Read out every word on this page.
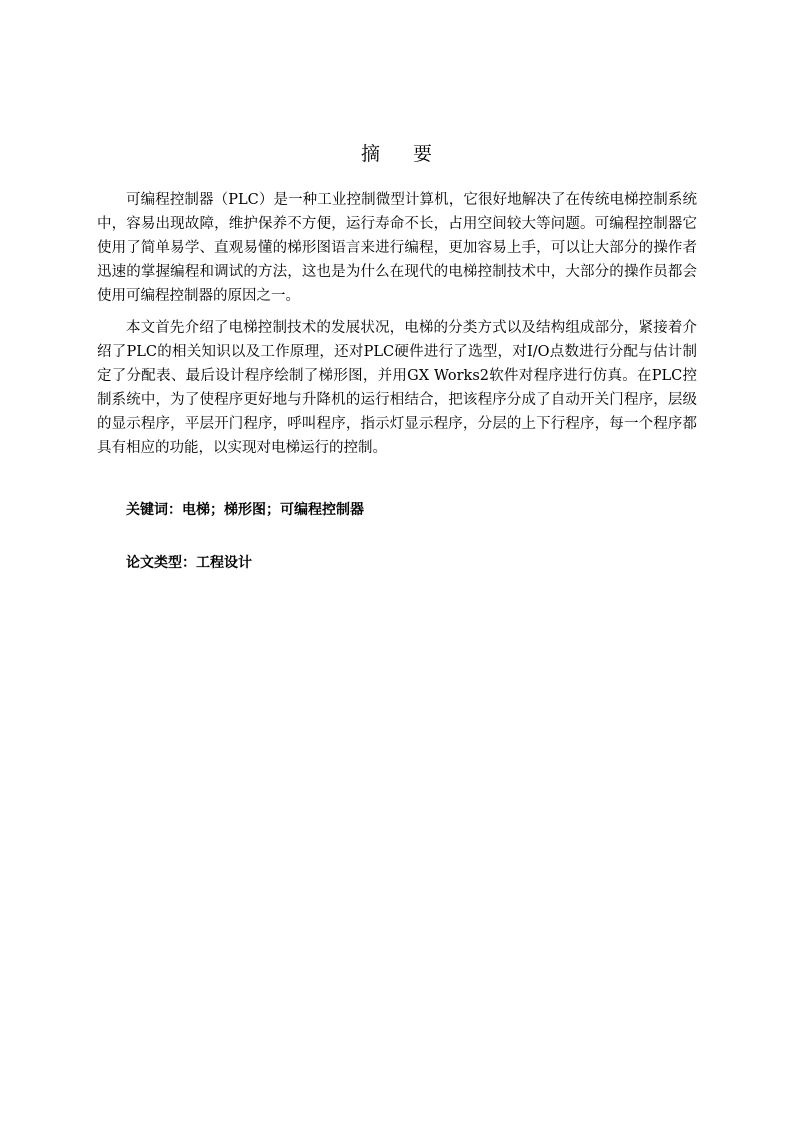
摘 要

可编程控制器（PLC）是一种工业控制微型计算机，它很好地解决了在传统电梯控制系统中，容易出现故障，维护保养不方便，运行寿命不长，占用空间较大等问题。可编程控制器它使用了简单易学、直观易懂的梯形图语言来进行编程，更加容易上手，可以让大部分的操作者迅速的掌握编程和调试的方法，这也是为什么在现代的电梯控制技术中，大部分的操作员都会使用可编程控制器的原因之一。

本文首先介绍了电梯控制技术的发展状况，电梯的分类方式以及结构组成部分，紧接着介绍了PLC的相关知识以及工作原理，还对PLC硬件进行了选型，对I/O点数进行分配与估计制定了分配表、最后设计程序绘制了梯形图，并用GX Works2软件对程序进行仿真。在PLC控制系统中，为了使程序更好地与升降机的运行相结合，把该程序分成了自动开关门程序，层级的显示程序，平层开门程序，呼叫程序，指示灯显示程序，分层的上下行程序，每一个程序都具有相应的功能，以实现对电梯运行的控制。

关键词：电梯；梯形图；可编程控制器
论文类型：工程设计
